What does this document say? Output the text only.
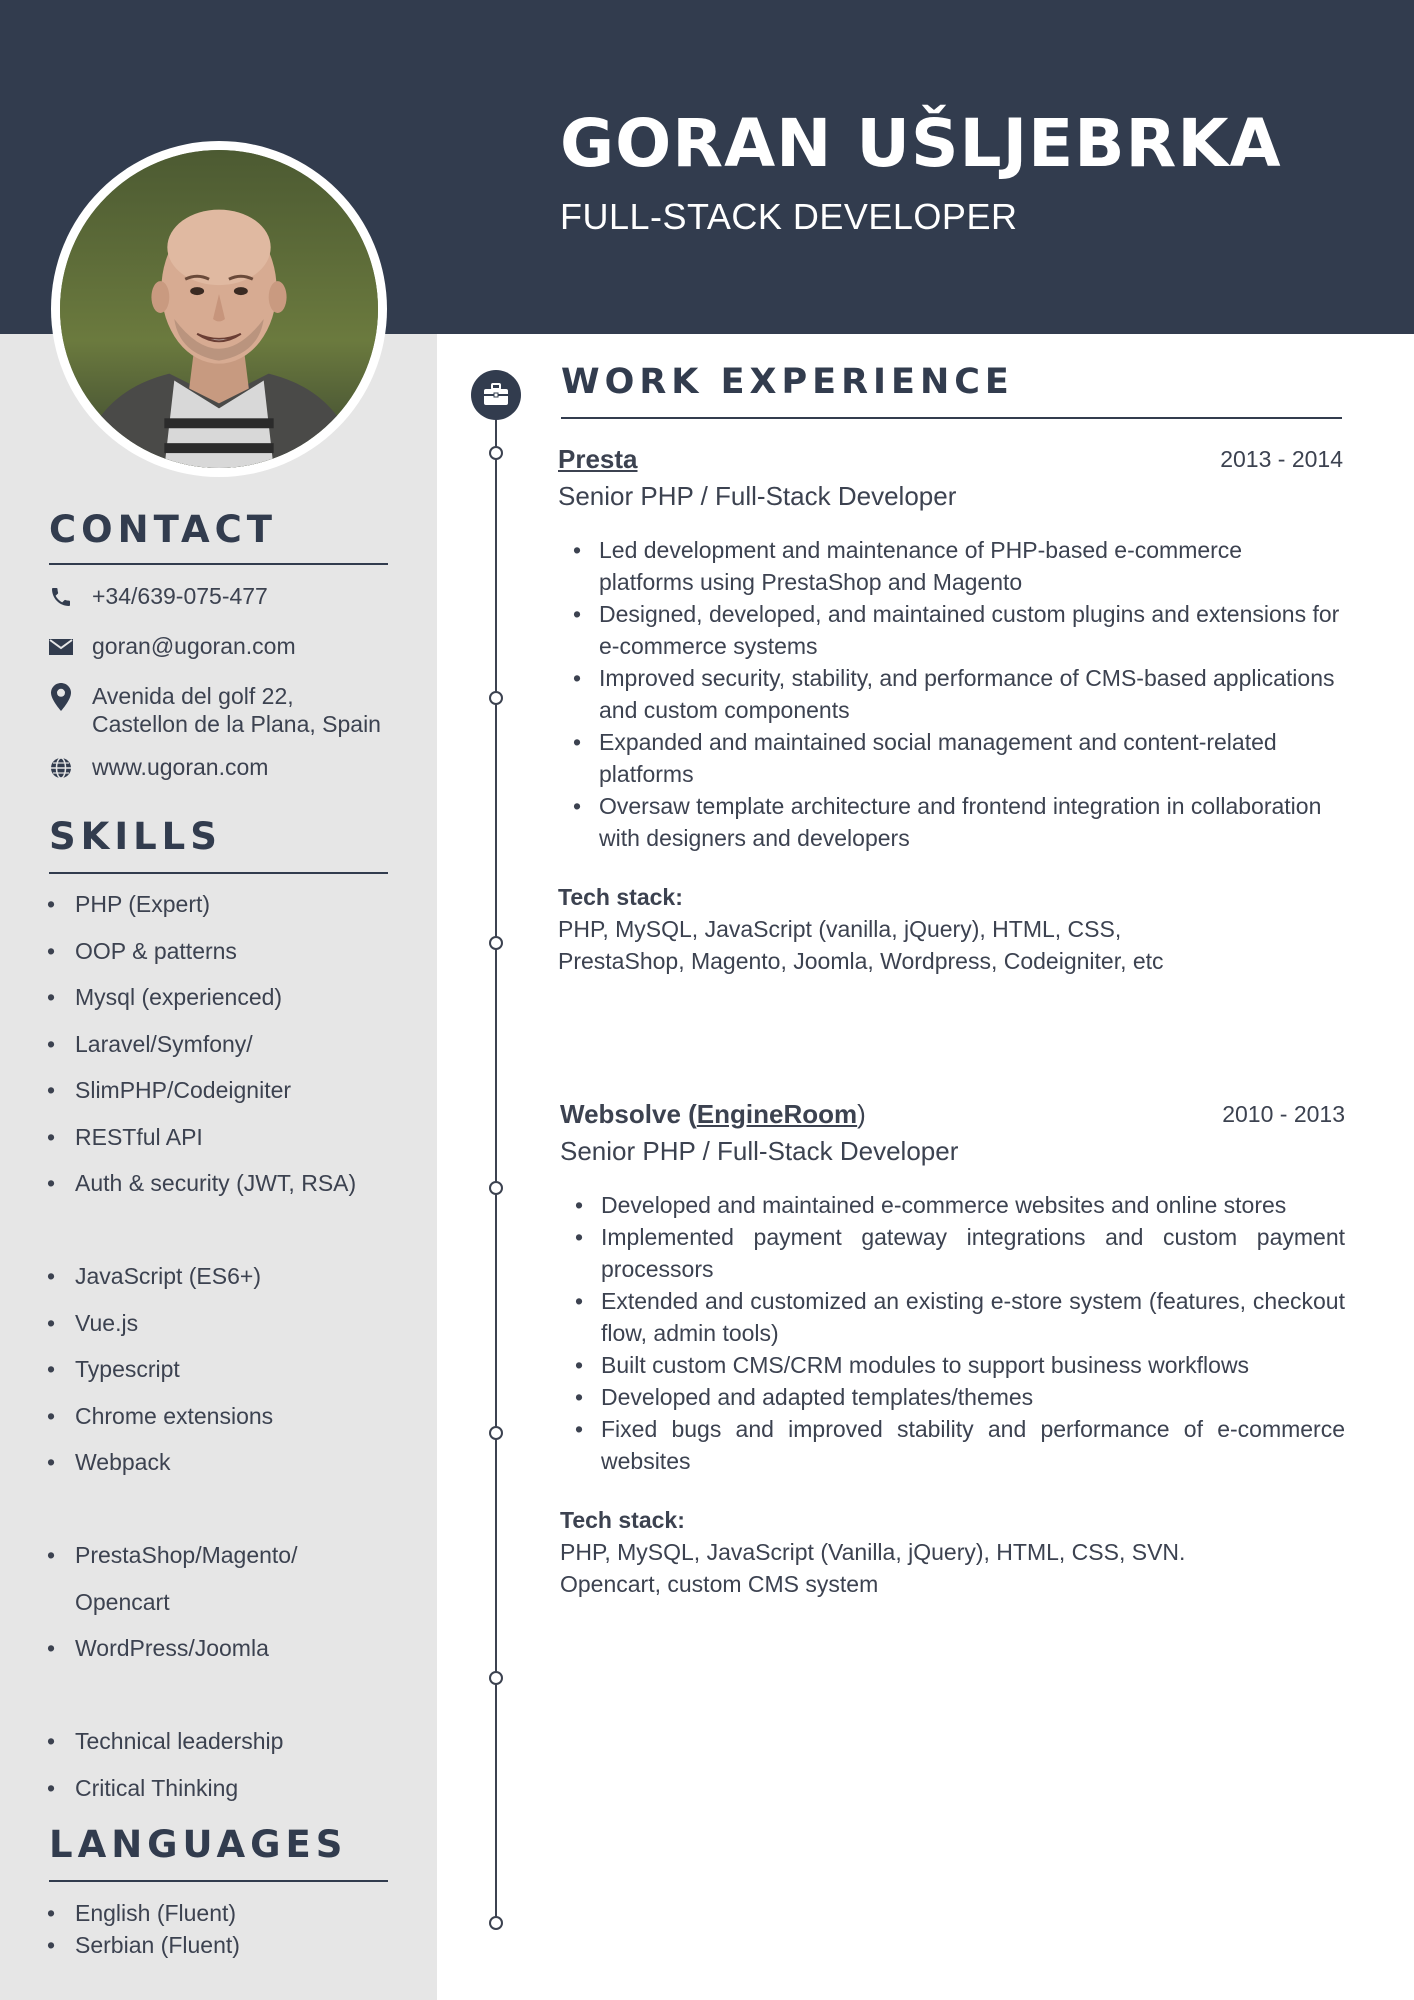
GORAN UŠLJEBRKA
FULL-STACK DEVELOPER
CONTACT
+34/639-075-477
goran@ugoran.com
Avenida del golf 22,
Castellon de la Plana, Spain
www.ugoran.com
SKILLS
• PHP (Expert)
• OOP & patterns
• Mysql (experienced)
• Laravel/Symfony/
• SlimPHP/Codeigniter
• RESTful API
• Auth & security (JWT, RSA)
• JavaScript (ES6+)
• Vue.js
• Typescript
• Chrome extensions
• Webpack
• PrestaShop/Magento/
Opencart
• WordPress/Joomla
• Technical leadership
• Critical Thinking
LANGUAGES
• English (Fluent)
• Serbian (Fluent)
WORK EXPERIENCE
Presta	2013 - 2014
Senior PHP / Full-Stack Developer
• Led development and maintenance of PHP-based e-commerce platforms using PrestaShop and Magento
• Designed, developed, and maintained custom plugins and extensions for e-commerce systems
• Improved security, stability, and performance of CMS-based applications and custom components
• Expanded and maintained social management and content-related platforms
• Oversaw template architecture and frontend integration in collaboration with designers and developers
Tech stack:
PHP, MySQL, JavaScript (vanilla, jQuery), HTML, CSS,
PrestaShop, Magento, Joomla, Wordpress, Codeigniter, etc
Websolve (EngineRoom)	2010 - 2013
Senior PHP / Full-Stack Developer
• Developed and maintained e-commerce websites and online stores
• Implemented payment gateway integrations and custom payment processors
• Extended and customized an existing e-store system (features, checkout flow, admin tools)
• Built custom CMS/CRM modules to support business workflows
• Developed and adapted templates/themes
• Fixed bugs and improved stability and performance of e-commerce websites
Tech stack:
PHP, MySQL, JavaScript (Vanilla, jQuery), HTML, CSS, SVN.
Opencart, custom CMS system
